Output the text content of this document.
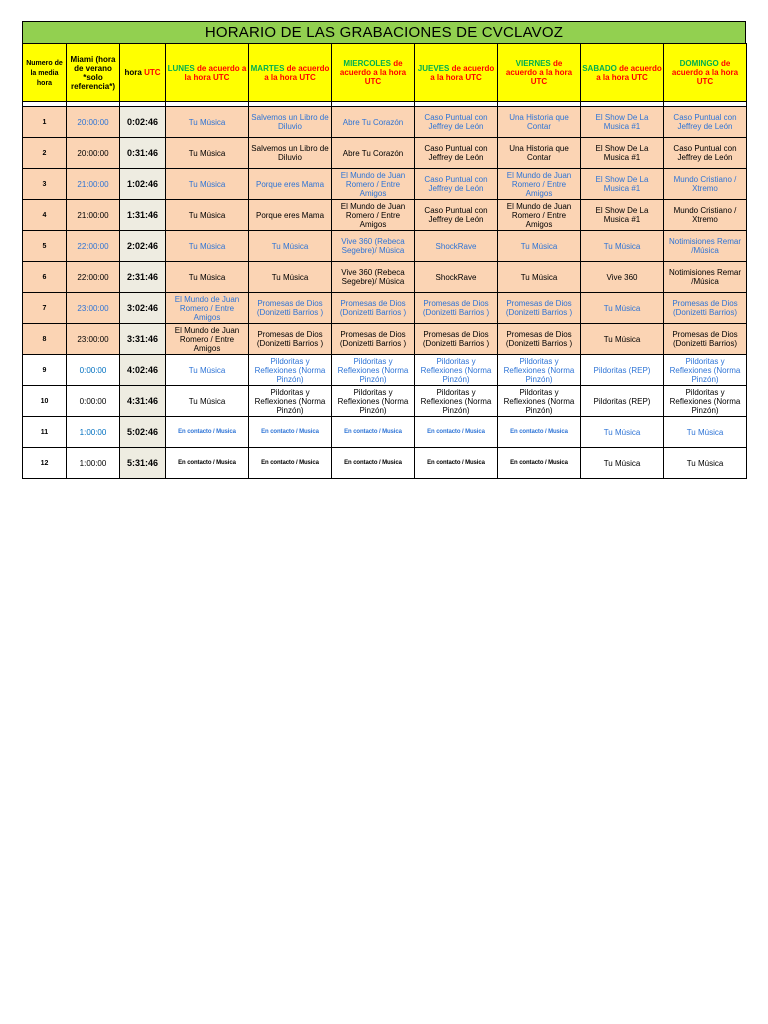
HORARIO DE LAS GRABACIONES DE CVCLAVOZ
Numero de la media hora	Miami (hora de verano *solo referencia*)	hora UTC	LUNES de acuerdo a la hora UTC	MARTES de acuerdo a la hora UTC	MIERCOLES de acuerdo a la hora UTC	JUEVES de acuerdo a la hora UTC	VIERNES de acuerdo a la hora UTC	SABADO de acuerdo a la hora UTC	DOMINGO de acuerdo a la hora UTC

1	20:00:00	0:02:46	Tu Música	Salvemos un Libro de Diluvio	Abre Tu Corazón	Caso Puntual con Jeffrey de León	Una Historia que Contar	El Show De La Musica #1	Caso Puntual con Jeffrey de León
2	20:00:00	0:31:46	Tu Música	Salvemos un Libro de Diluvio	Abre Tu Corazón	Caso Puntual con Jeffrey de León	Una Historia que Contar	El Show De La Musica #1	Caso Puntual con Jeffrey de León
3	21:00:00	1:02:46	Tu Música	Porque eres Mama	El Mundo de Juan Romero / Entre Amigos	Caso Puntual con Jeffrey de León	El Mundo de Juan Romero / Entre Amigos	El Show De La Musica #1	Mundo Cristiano / Xtremo
4	21:00:00	1:31:46	Tu Música	Porque eres Mama	El Mundo de Juan Romero / Entre Amigos	Caso Puntual con Jeffrey de León	El Mundo de Juan Romero / Entre Amigos	El Show De La Musica #1	Mundo Cristiano / Xtremo
5	22:00:00	2:02:46	Tu Música	Tu Música	Vive 360 (Rebeca Segebre)/ Música	ShockRave	Tu Música	Tu Música	Notimisiones Remar /Música
6	22:00:00	2:31:46	Tu Música	Tu Música	Vive 360 (Rebeca Segebre)/ Música	ShockRave	Tu Música	Vive 360	Notimisiones Remar /Música
7	23:00:00	3:02:46	El Mundo de Juan Romero / Entre Amigos	Promesas de Dios (Donizetti Barrios )	Promesas de Dios (Donizetti Barrios )	Promesas de Dios (Donizetti Barrios )	Promesas de Dios (Donizetti Barrios )	Tu Música	Promesas de Dios (Donizetti Barrios)
8	23:00:00	3:31:46	El Mundo de Juan Romero / Entre Amigos	Promesas de Dios (Donizetti Barrios )	Promesas de Dios (Donizetti Barrios )	Promesas de Dios (Donizetti Barrios )	Promesas de Dios (Donizetti Barrios )	Tu Música	Promesas de Dios (Donizetti Barrios)
9	0:00:00	4:02:46	Tu Música	Pildoritas y Reflexiones (Norma Pinzón)	Pildoritas y Reflexiones (Norma Pinzón)	Pildoritas y Reflexiones (Norma Pinzón)	Pildoritas y Reflexiones (Norma Pinzón)	Pildoritas (REP)	Pildoritas y Reflexiones (Norma Pinzón)
10	0:00:00	4:31:46	Tu Música	Pildoritas y Reflexiones (Norma Pinzón)	Pildoritas y Reflexiones (Norma Pinzón)	Pildoritas y Reflexiones (Norma Pinzón)	Pildoritas y Reflexiones (Norma Pinzón)	Pildoritas (REP)	Pildoritas y Reflexiones (Norma Pinzón)
11	1:00:00	5:02:46	En contacto / Musica	En contacto / Musica	En contacto / Musica	En contacto / Musica	En contacto / Musica	Tu Música	Tu Música
12	1:00:00	5:31:46	En contacto / Musica	En contacto / Musica	En contacto / Musica	En contacto / Musica	En contacto / Musica	Tu Música	Tu Música
